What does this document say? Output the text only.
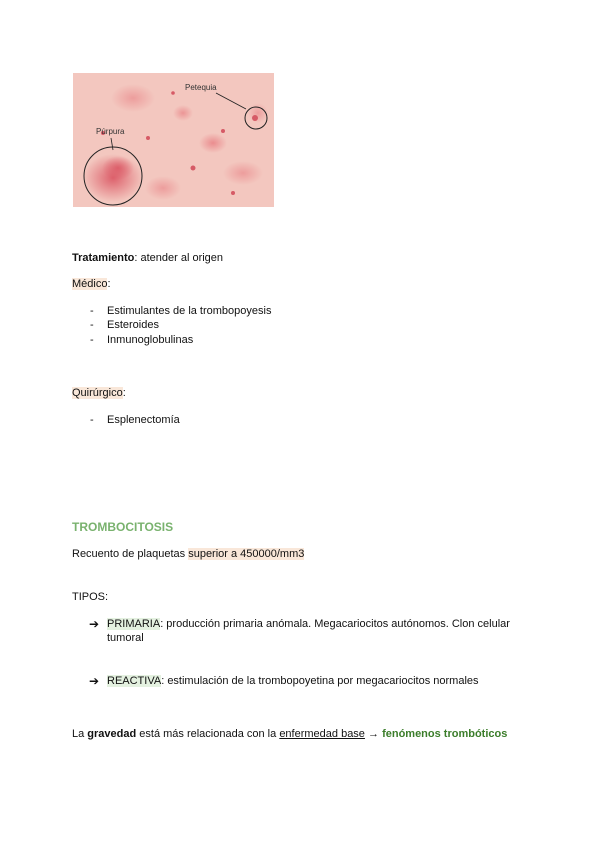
Petequia
Púrpura
Tratamiento: atender al origen
Médico:
- Estimulantes de la trombopoyesis
- Esteroides
- Inmunoglobulinas
Quirúrgico:
- Esplenectomía
TROMBOCITOSIS
Recuento de plaquetas superior a 450000/mm3
TIPOS:
➔ PRIMARIA: producción primaria anómala. Megacariocitos autónomos. Clon celular
tumoral
➔ REACTIVA: estimulación de la trombopoyetina por megacariocitos normales
La gravedad está más relacionada con la enfermedad base → fenómenos trombóticos
